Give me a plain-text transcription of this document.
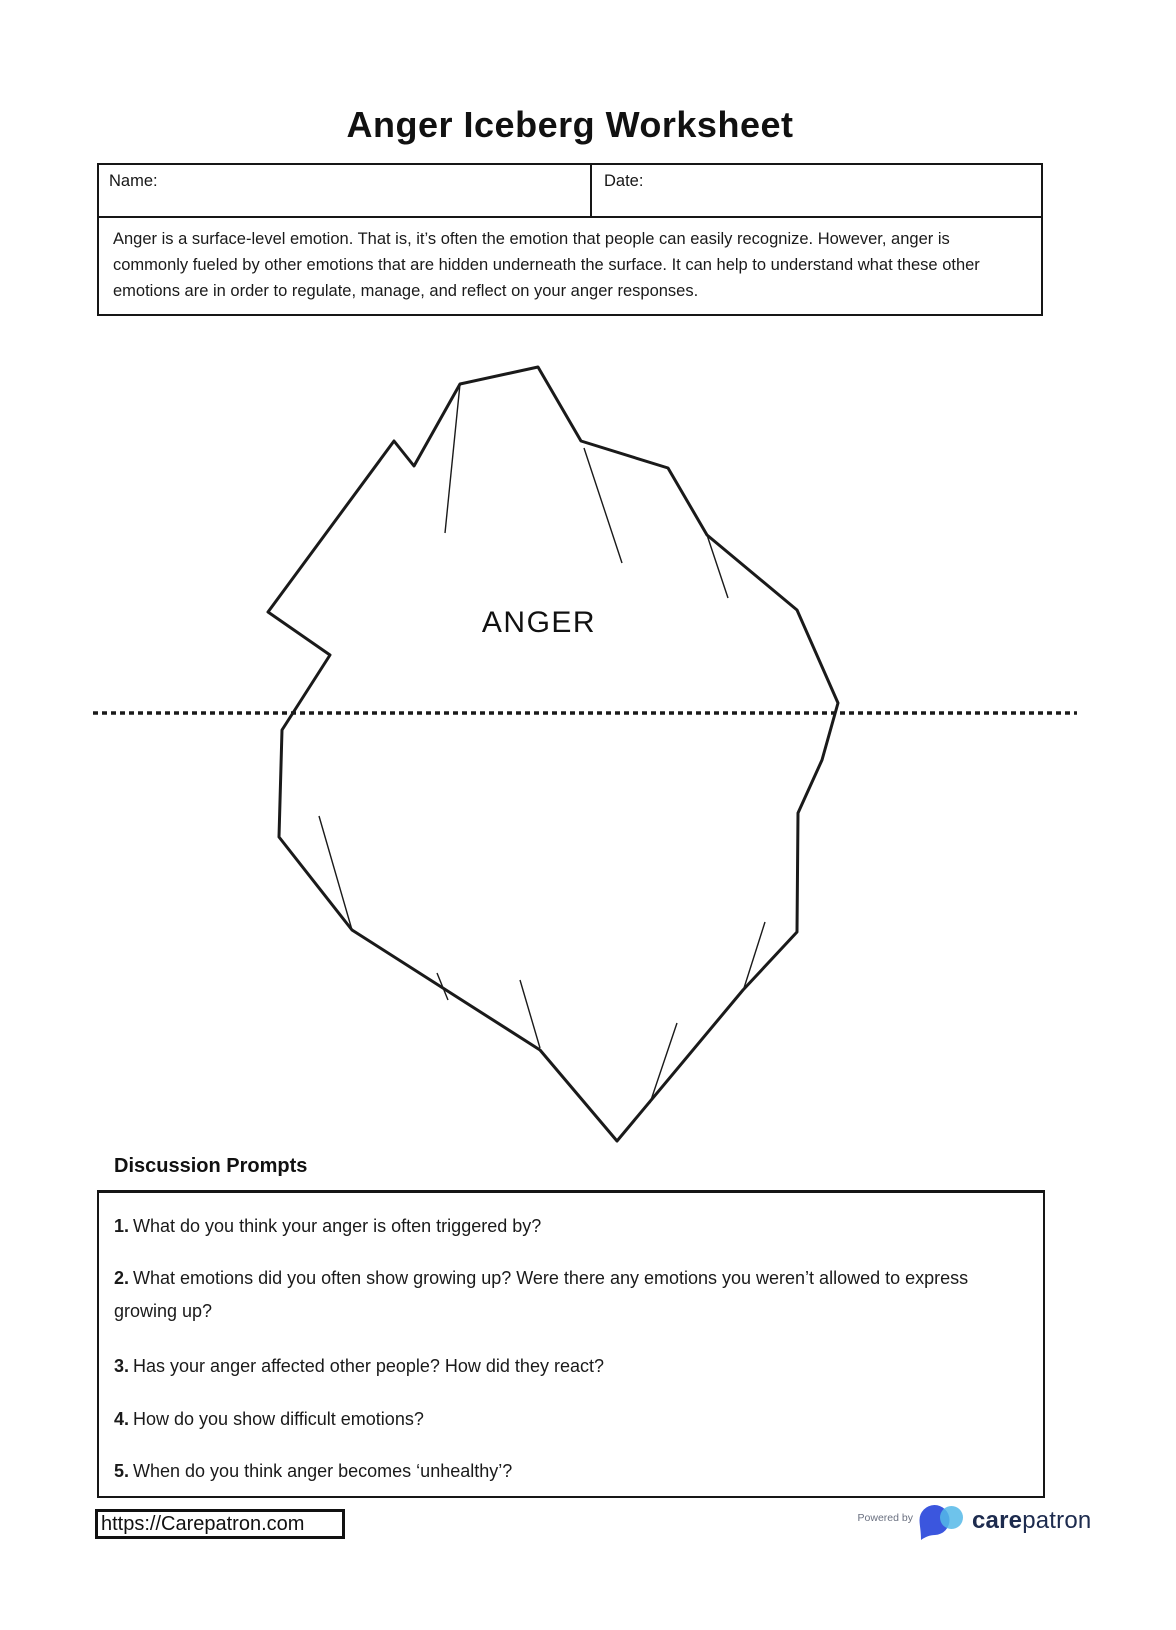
Anger Iceberg Worksheet
Name:	Date:

Anger is a surface-level emotion. That is, it’s often the emotion that people can easily recognize. However, anger is commonly fueled by other emotions that are hidden underneath the surface. It can help to understand what these other emotions are in order to regulate, manage, and reflect on your anger responses.

ANGER
Discussion Prompts
1. What do you think your anger is often triggered by?
2. What emotions did you often show growing up? Were there any emotions you weren’t allowed to express growing up?
3. Has your anger affected other people? How did they react?
4. How do you show difficult emotions?
5. When do you think anger becomes ‘unhealthy’?
https://Carepatron.com	Powered by carepatron
